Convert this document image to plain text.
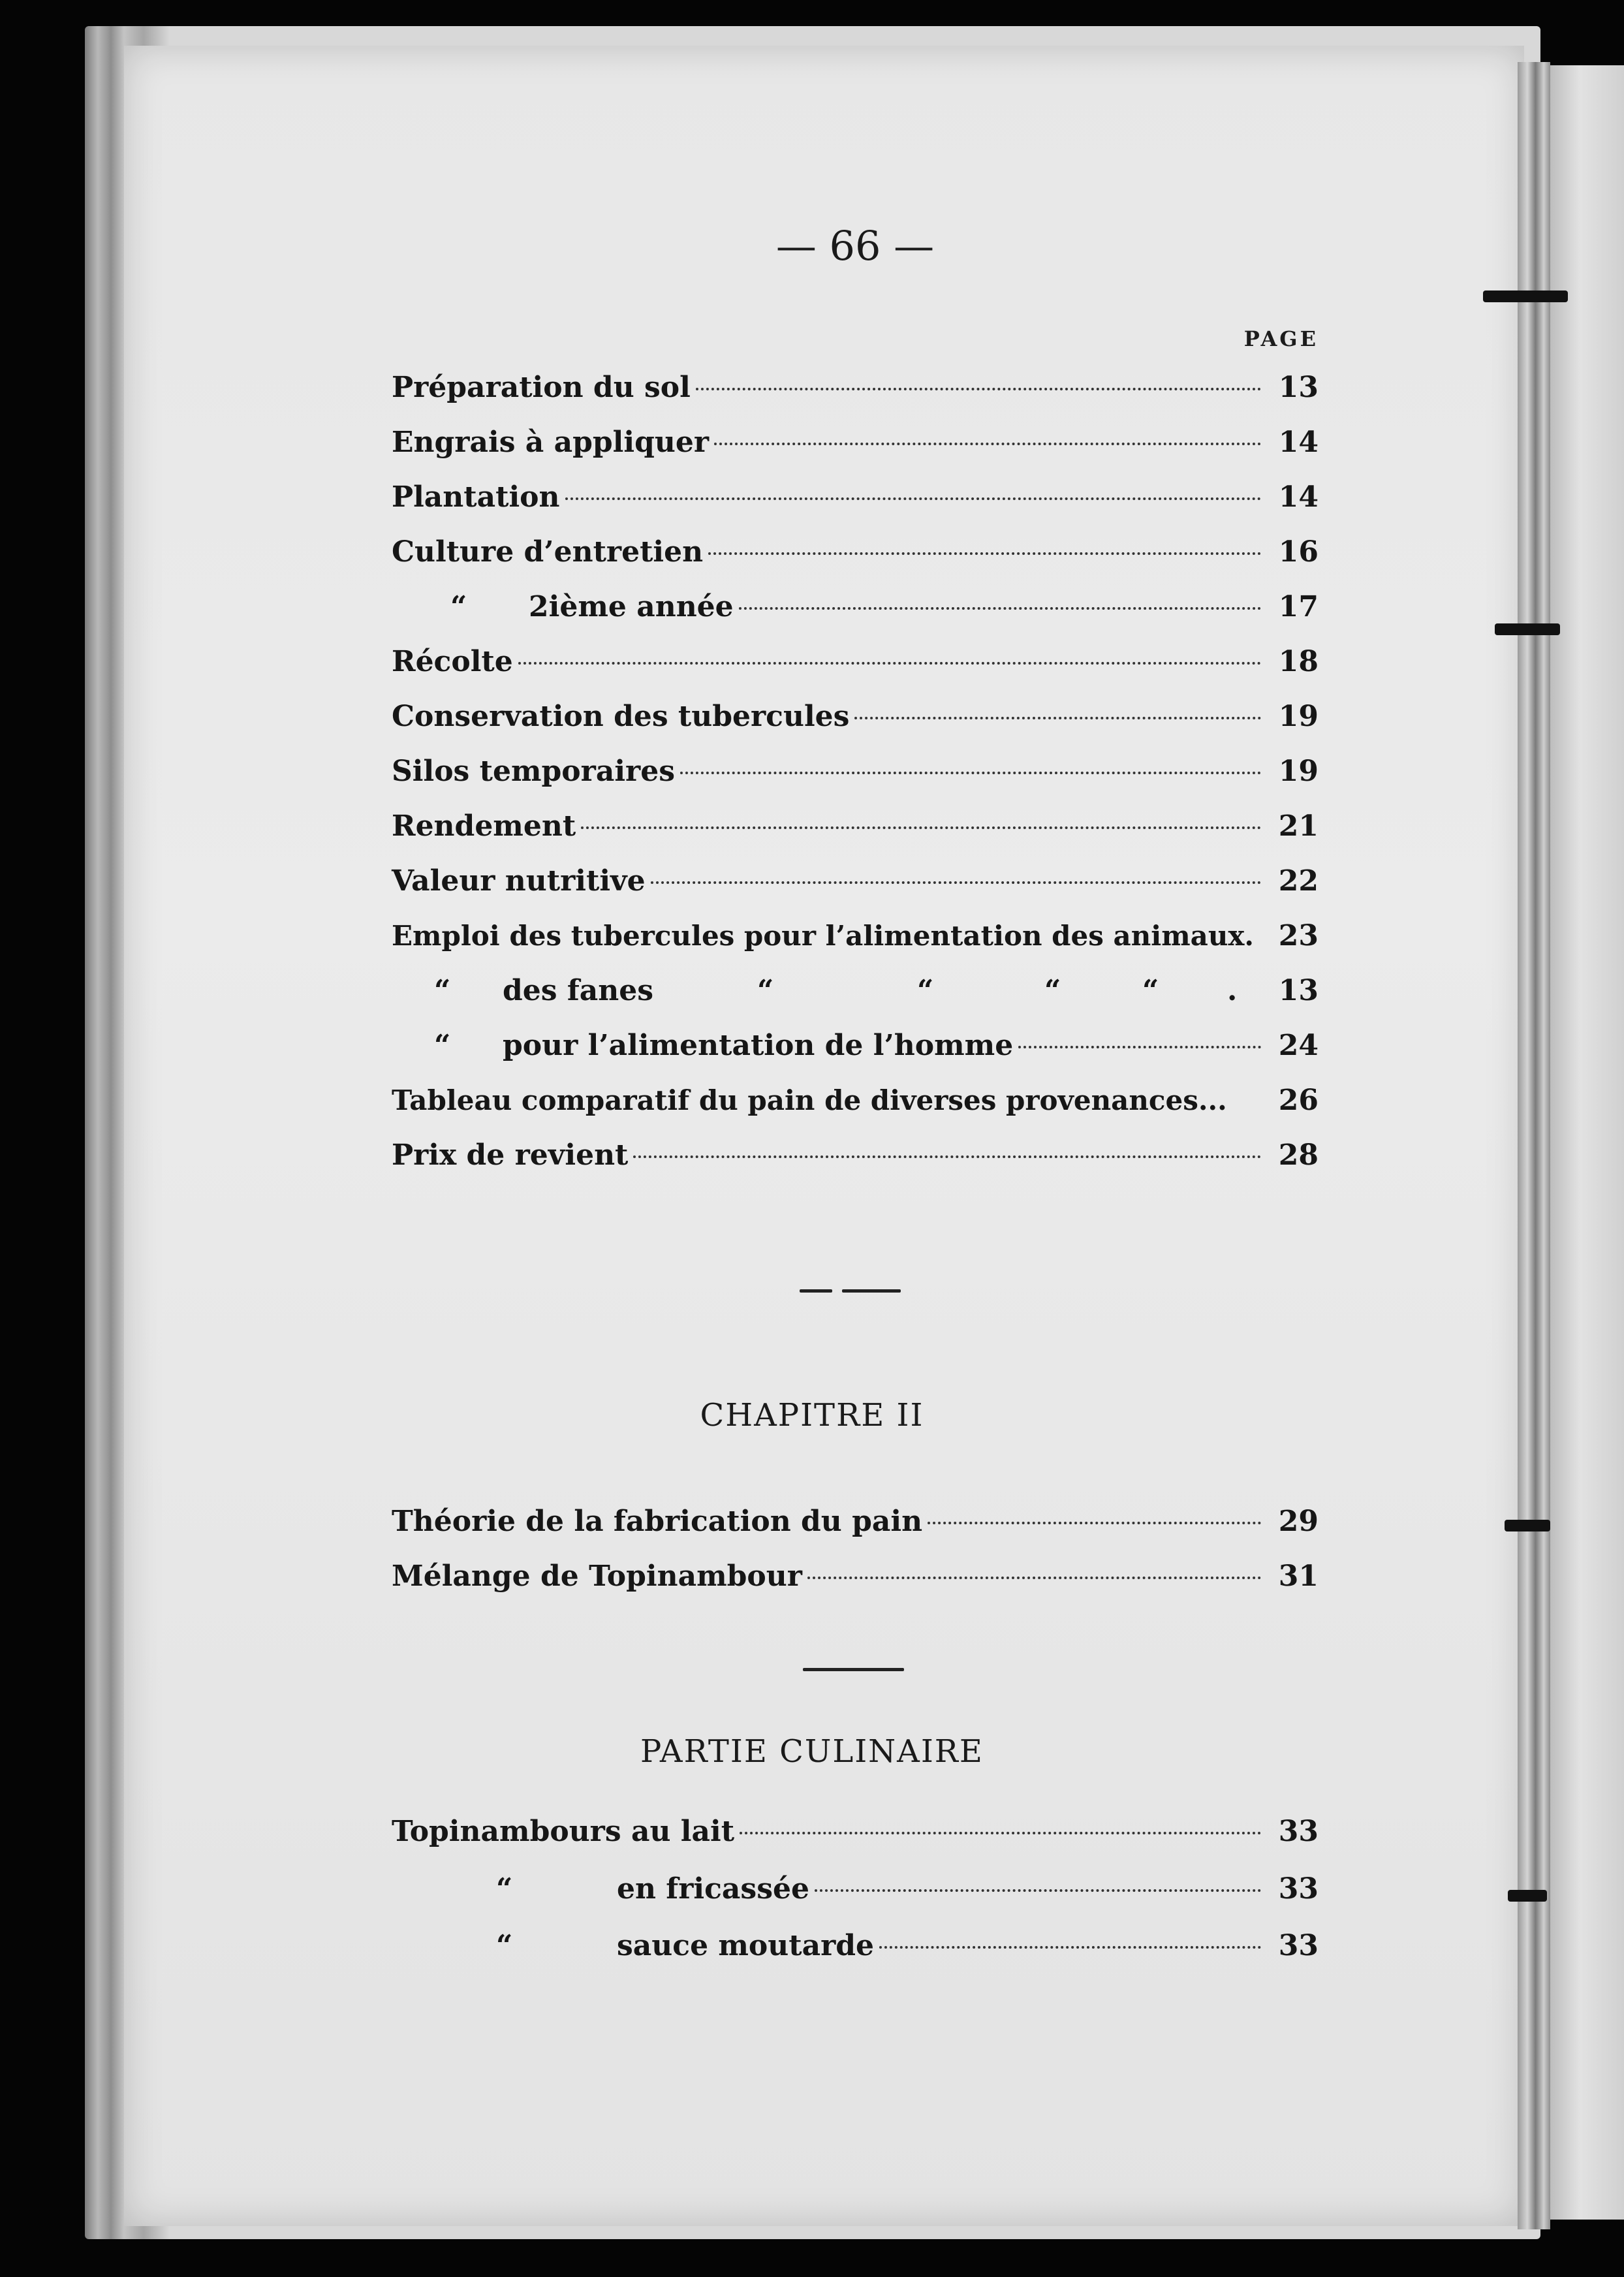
— 66 —
PAGE
Préparation du sol	13
Engrais à appliquer	14
Plantation	14
Culture d’entretien	16
“ 2ième année	17
Récolte	18
Conservation des tubercules	19
Silos temporaires	19
Rendement	21
Valeur nutritive	22
Emploi des tubercules pour l’alimentation des animaux. 23
“ des fanes	“	“	“	“ .	13
“ pour l’alimentation de l’homme	24
Tableau comparatif du pain de diverses provenances...	26
Prix de revient	28
CHAPITRE II
Théorie de la fabrication du pain	29
Mélange de Topinambour	31
PARTIE CULINAIRE
Topinambours au lait	33
“	en fricassée	33
“	sauce moutarde	33
